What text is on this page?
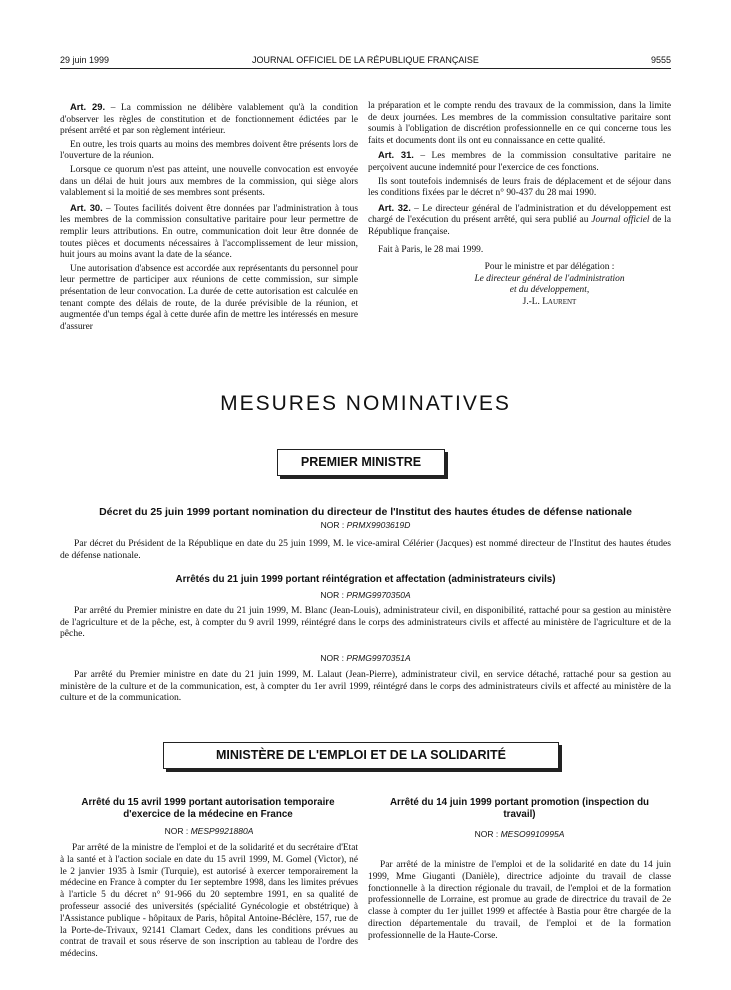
29 juin 1999	JOURNAL OFFICIEL DE LA RÉPUBLIQUE FRANÇAISE	9555

Art. 29. – La commission ne délibère valablement qu'à la condition d'observer les règles de constitution et de fonctionnement édictées par le présent arrêté et par son règlement intérieur.

En outre, les trois quarts au moins des membres doivent être présents lors de l'ouverture de la réunion.

Lorsque ce quorum n'est pas atteint, une nouvelle convocation est envoyée dans un délai de huit jours aux membres de la commission, qui siège alors valablement si la moitié de ses membres sont présents.

Art. 30. – Toutes facilités doivent être données par l'administration à tous les membres de la commission consultative paritaire pour leur permettre de remplir leurs attributions. En outre, communication doit leur être donnée de toutes pièces et documents nécessaires à l'accomplissement de leur mission, huit jours au moins avant la date de la séance.

Une autorisation d'absence est accordée aux représentants du personnel pour leur permettre de participer aux réunions de cette commission, sur simple présentation de leur convocation. La durée de cette autorisation est calculée en tenant compte des délais de route, de la durée prévisible de la réunion, et augmentée d'un temps égal à cette durée afin de mettre les intéressés en mesure d'assurer

la préparation et le compte rendu des travaux de la commission, dans la limite de deux journées. Les membres de la commission consultative paritaire sont soumis à l'obligation de discrétion professionnelle en ce qui concerne tous les faits et documents dont ils ont eu connaissance en cette qualité.

Art. 31. – Les membres de la commission consultative paritaire ne perçoivent aucune indemnité pour l'exercice de ces fonctions.

Ils sont toutefois indemnisés de leurs frais de déplacement et de séjour dans les conditions fixées par le décret n° 90-437 du 28 mai 1990.

Art. 32. – Le directeur général de l'administration et du développement est chargé de l'exécution du présent arrêté, qui sera publié au Journal officiel de la République française.

Fait à Paris, le 28 mai 1999.

Pour le ministre et par délégation :
Le directeur général de l'administration
et du développement,
J.-L. Laurent
MESURES NOMINATIVES
PREMIER MINISTRE
Décret du 25 juin 1999 portant nomination du directeur de l'Institut des hautes études de défense nationale
NOR : PRMX9903619D
Par décret du Président de la République en date du 25 juin 1999, M. le vice-amiral Célérier (Jacques) est nommé directeur de l'Institut des hautes études de défense nationale.
Arrêtés du 21 juin 1999 portant réintégration et affectation (administrateurs civils)
NOR : PRMG9970350A
Par arrêté du Premier ministre en date du 21 juin 1999, M. Blanc (Jean-Louis), administrateur civil, en disponibilité, rattaché pour sa gestion au ministère de l'agriculture et de la pêche, est, à compter du 9 avril 1999, réintégré dans le corps des administrateurs civils et affecté au ministère de l'agriculture et de la pêche.
NOR : PRMG9970351A
Par arrêté du Premier ministre en date du 21 juin 1999, M. Lalaut (Jean-Pierre), administrateur civil, en service détaché, rattaché pour sa gestion au ministère de la culture et de la communication, est, à compter du 1er avril 1999, réintégré dans le corps des administrateurs civils et affecté au ministère de la culture et de la communication.
MINISTÈRE DE L'EMPLOI ET DE LA SOLIDARITÉ
Arrêté du 15 avril 1999 portant autorisation temporaire d'exercice de la médecine en France
NOR : MESP9921880A
Par arrêté de la ministre de l'emploi et de la solidarité et du secrétaire d'Etat à la santé et à l'action sociale en date du 15 avril 1999, M. Gomel (Victor), né le 2 janvier 1935 à Ismir (Turquie), est autorisé à exercer temporairement la médecine en France à compter du 1er septembre 1998, dans les limites prévues à l'article 5 du décret n° 91-966 du 20 septembre 1991, en sa qualité de professeur associé des universités (spécialité Gynécologie et obstétrique) à l'Assistance publique - hôpitaux de Paris, hôpital Antoine-Béclère, 157, rue de la Porte-de-Trivaux, 92141 Clamart Cedex, dans les conditions prévues au contrat de travail et sous réserve de son inscription au tableau de l'ordre des médecins.
Arrêté du 14 juin 1999 portant promotion (inspection du travail)
NOR : MESO9910995A
Par arrêté de la ministre de l'emploi et de la solidarité en date du 14 juin 1999, Mme Giuganti (Danièle), directrice adjointe du travail de classe fonctionnelle à la direction régionale du travail, de l'emploi et de la formation professionnelle de Lorraine, est promue au grade de directrice du travail de 2e classe à compter du 1er juillet 1999 et affectée à Bastia pour être chargée de la direction départementale du travail, de l'emploi et de la formation professionnelle de la Haute-Corse.
